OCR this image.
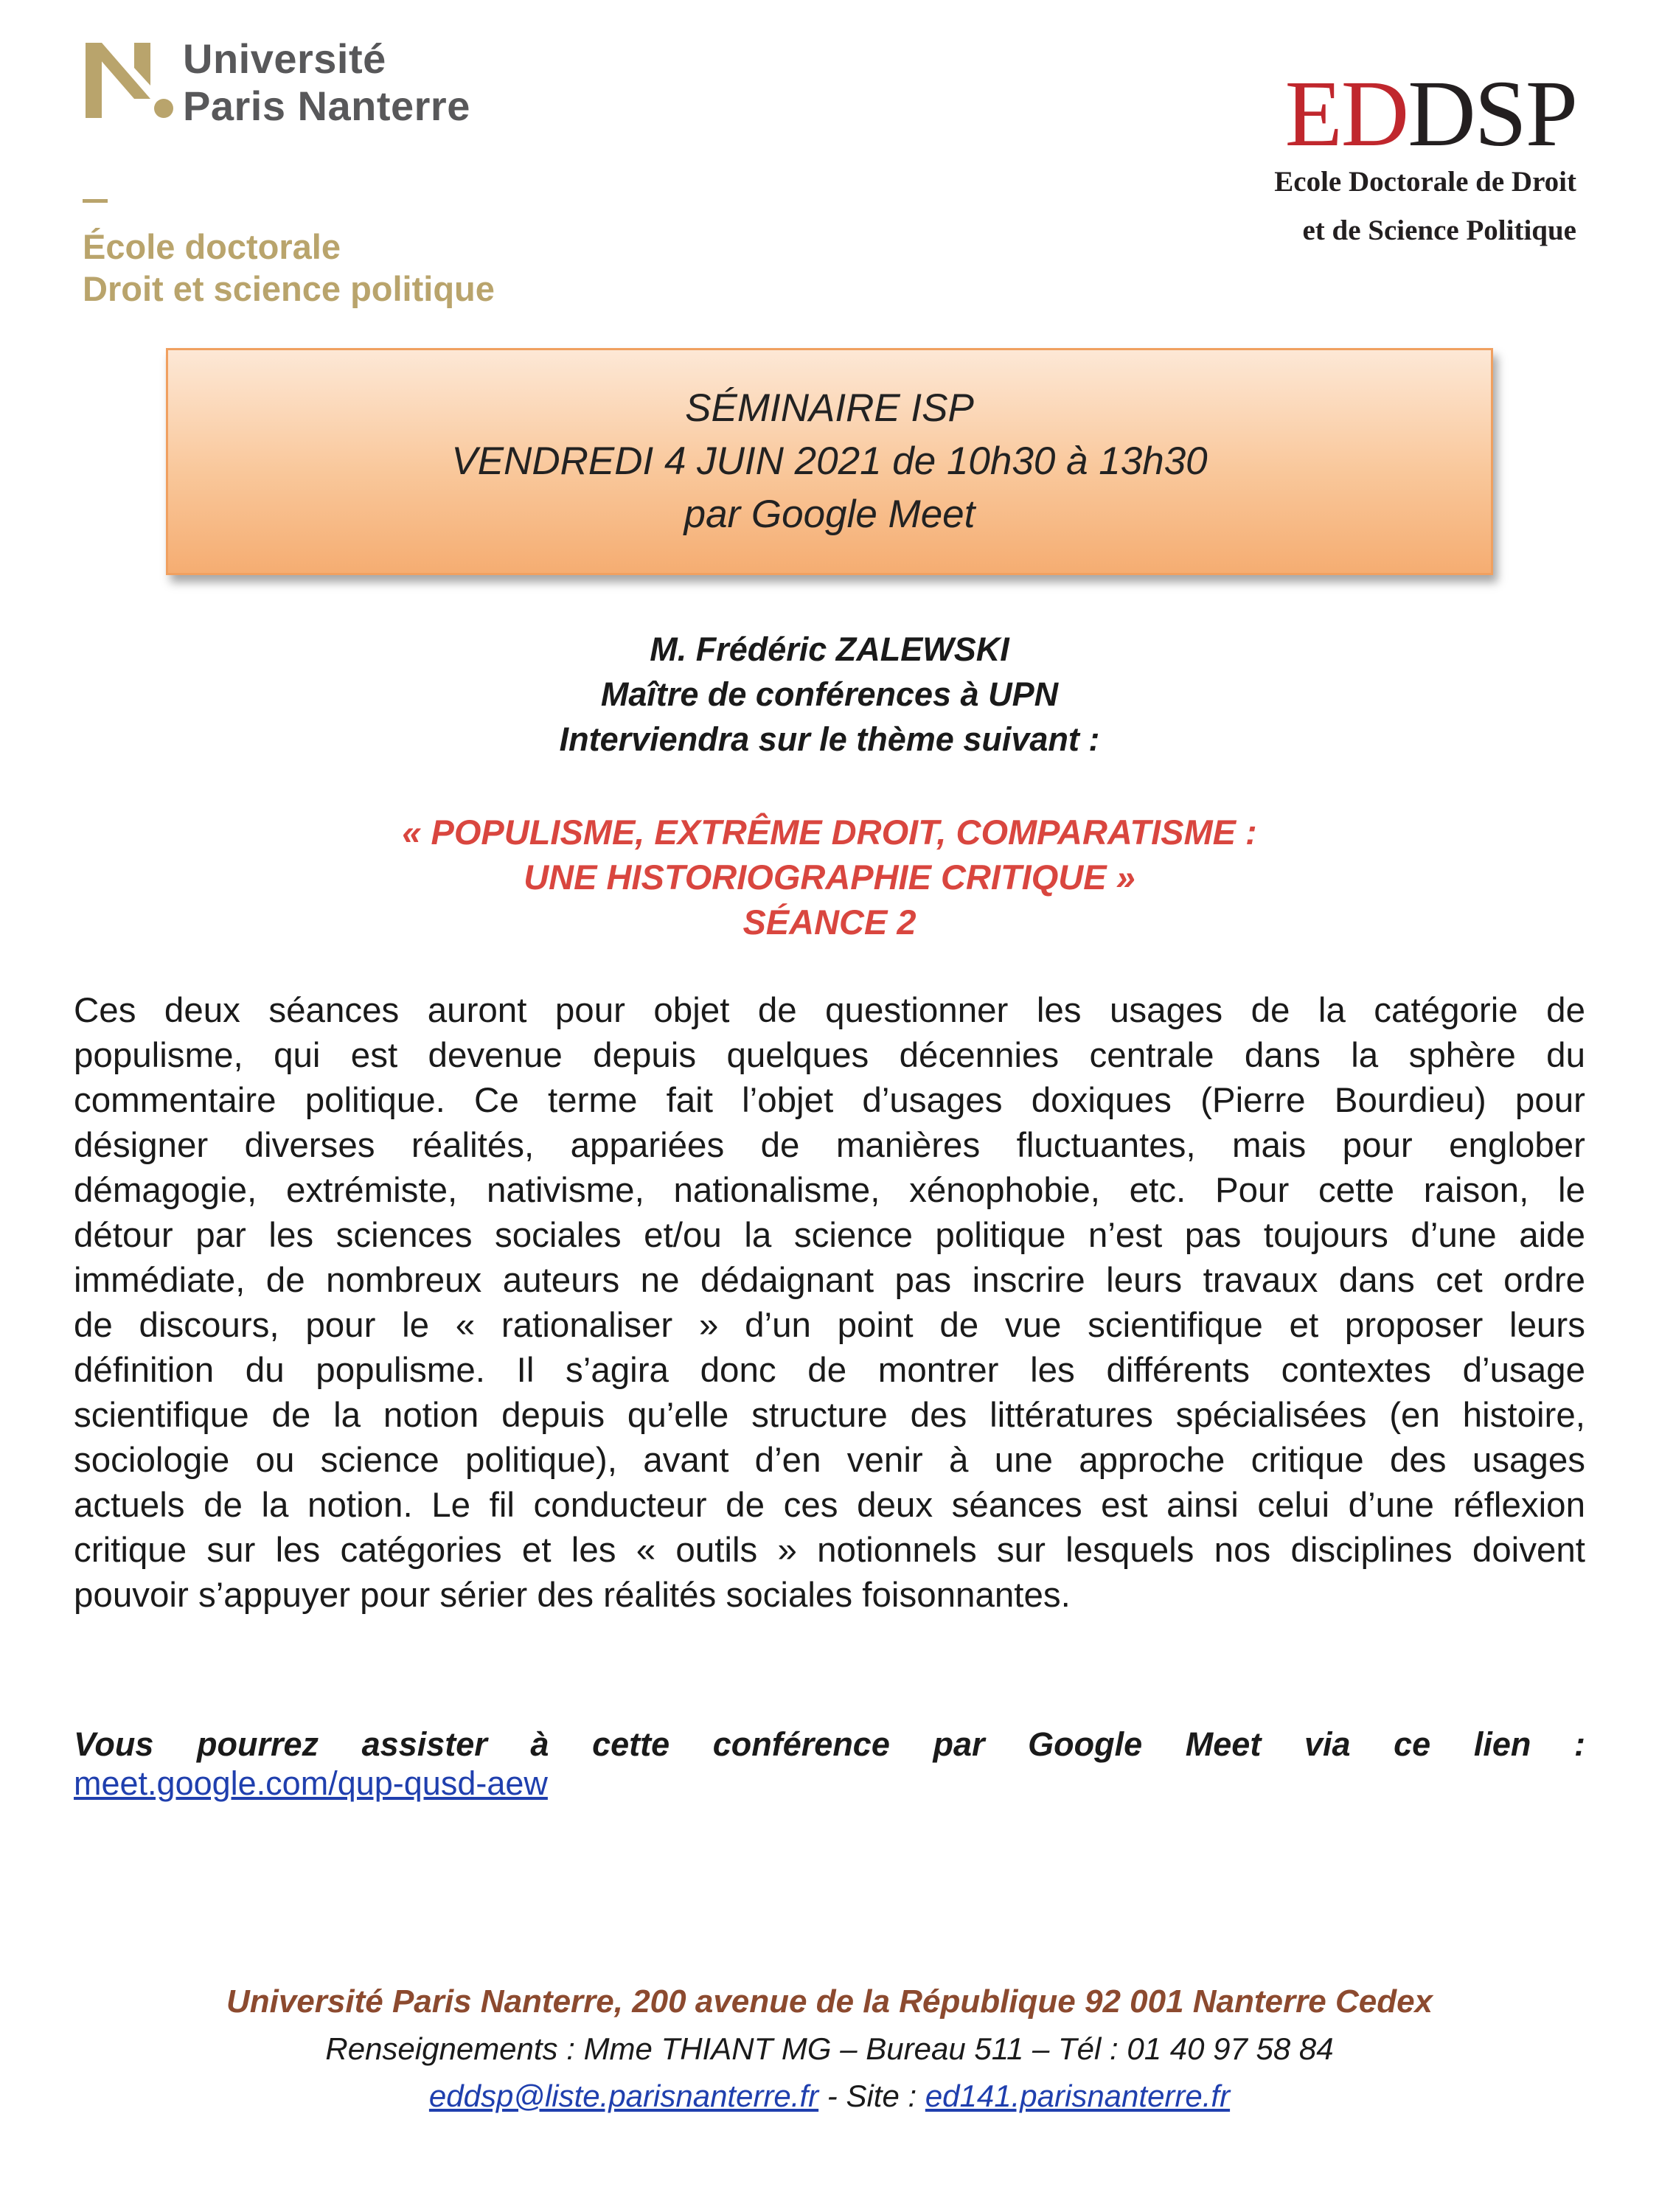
Université
Paris Nanterre
École doctorale
Droit et science politique
EDDSP
Ecole Doctorale de Droit
et de Science Politique
SÉMINAIRE ISP
VENDREDI 4 JUIN 2021 de 10h30 à 13h30
par Google Meet
M. Frédéric ZALEWSKI
Maître de conférences à UPN
Interviendra sur le thème suivant :
« POPULISME, EXTRÊME DROIT, COMPARATISME :
UNE HISTORIOGRAPHIE CRITIQUE »
SÉANCE 2
Ces deux séances auront pour objet de questionner les usages de la catégorie de
populisme, qui est devenue depuis quelques décennies centrale dans la sphère du
commentaire politique. Ce terme fait l’objet d’usages doxiques (Pierre Bourdieu) pour
désigner diverses réalités, appariées de manières fluctuantes, mais pour englober
démagogie, extrémiste, nativisme, nationalisme, xénophobie, etc. Pour cette raison, le
détour par les sciences sociales et/ou la science politique n’est pas toujours d’une aide
immédiate, de nombreux auteurs ne dédaignant pas inscrire leurs travaux dans cet ordre
de discours, pour le « rationaliser » d’un point de vue scientifique et proposer leurs
définition du populisme. Il s’agira donc de montrer les différents contextes d’usage
scientifique de la notion depuis qu’elle structure des littératures spécialisées (en histoire,
sociologie ou science politique), avant d’en venir à une approche critique des usages
actuels de la notion. Le fil conducteur de ces deux séances est ainsi celui d’une réflexion
critique sur les catégories et les « outils » notionnels sur lesquels nos disciplines doivent
pouvoir s’appuyer pour sérier des réalités sociales foisonnantes.
Vous pourrez assister à cette conférence par Google Meet via ce lien :
meet.google.com/qup-qusd-aew
Université Paris Nanterre, 200 avenue de la République 92 001 Nanterre Cedex
Renseignements : Mme THIANT MG – Bureau 511 – Tél : 01 40 97 58 84
eddsp@liste.parisnanterre.fr - Site : ed141.parisnanterre.fr
